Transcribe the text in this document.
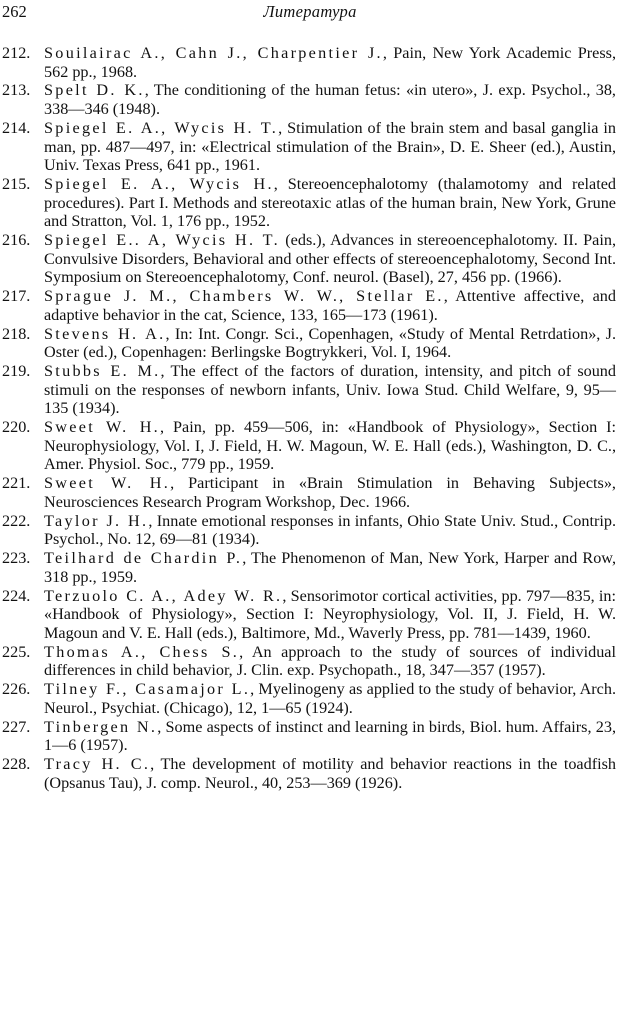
262	Литературa

212. Souilairac A., Cahn J., Charpentier J., Pain, New York Academic Press, 562 pp., 1968.

213. Spelt D. K., The conditioning of the human fetus: «in utero», J. exp. Psychol., 38, 338—346 (1948).

214. Spiegel E. A., Wycis H. T., Stimulation of the brain stem and basal ganglia in man, pp. 487—497, in: «Electrical stimulation of the Brain», D. E. Sheer (ed.), Austin, Univ. Texas Press, 641 pp., 1961.

215. Spiegel E. A., Wycis H., Stereoencephalotomy (thalamotomy and related procedures). Part I. Methods and stereotaxic atlas of the human brain, New York, Grune and Stratton, Vol. 1, 176 pp., 1952.

216. Spiegel E.. A, Wycis H. T. (eds.), Advances in stereoencephalotomy. II. Pain, Convulsive Disorders, Behavioral and other effects of stereoencephalotomy, Second Int. Symposium on Stereoencephalotomy, Conf. neurol. (Basel), 27, 456 pp. (1966).

217. Sprague J. M., Chambers W. W., Stellar E., Attentive affective, and adaptive behavior in the cat, Science, 133, 165—173 (1961).

218. Stevens H. A., In: Int. Congr. Sci., Copenhagen, «Study of Mental Retrdation», J. Oster (ed.), Copenhagen: Berlingske Bogtrykkeri, Vol. I, 1964.

219. Stubbs E. M., The effect of the factors of duration, intensity, and pitch of sound stimuli on the responses of newborn infants, Univ. Iowa Stud. Child Welfare, 9, 95—135 (1934).

220. Sweet W. H., Pain, pp. 459—506, in: «Handbook of Physiology», Section I: Neurophysiology, Vol. I, J. Field, H. W. Magoun, W. E. Hall (eds.), Washington, D. C., Amer. Physiol. Soc., 779 pp., 1959.

221. Sweet W. H., Participant in «Brain Stimulation in Behaving Subjects», Neurosciences Research Program Workshop, Dec. 1966.

222. Taylor J. H., Innate emotional responses in infants, Ohio State Univ. Stud., Contrip. Psychol., No. 12, 69—81 (1934).

223. Teilhard de Chardin P., The Phenomenon of Man, New York, Harper and Row, 318 pp., 1959.

224. Terzuolo C. A., Adey W. R., Sensorimotor cortical activities, pp. 797—835, in: «Handbook of Physiology», Section I: Neyrophysiology, Vol. II, J. Field, H. W. Magoun and V. E. Hall (eds.), Baltimore, Md., Waverly Press, pp. 781—1439, 1960.

225. Thomas A., Chess S., An approach to the study of sources of individual differences in child behavior, J. Clin. exp. Psychopath., 18, 347—357 (1957).

226. Tilney F., Casamajor L., Myelinogeny as applied to the study of behavior, Arch. Neurol., Psychiat. (Chicago), 12, 1—65 (1924).

227. Tinbergen N., Some aspects of instinct and learning in birds, Biol. hum. Affairs, 23, 1—6 (1957).

228. Tracy H. C., The development of motility and behavior reactions in the toadfish (Opsanus Tau), J. comp. Neurol., 40, 253—369 (1926).
